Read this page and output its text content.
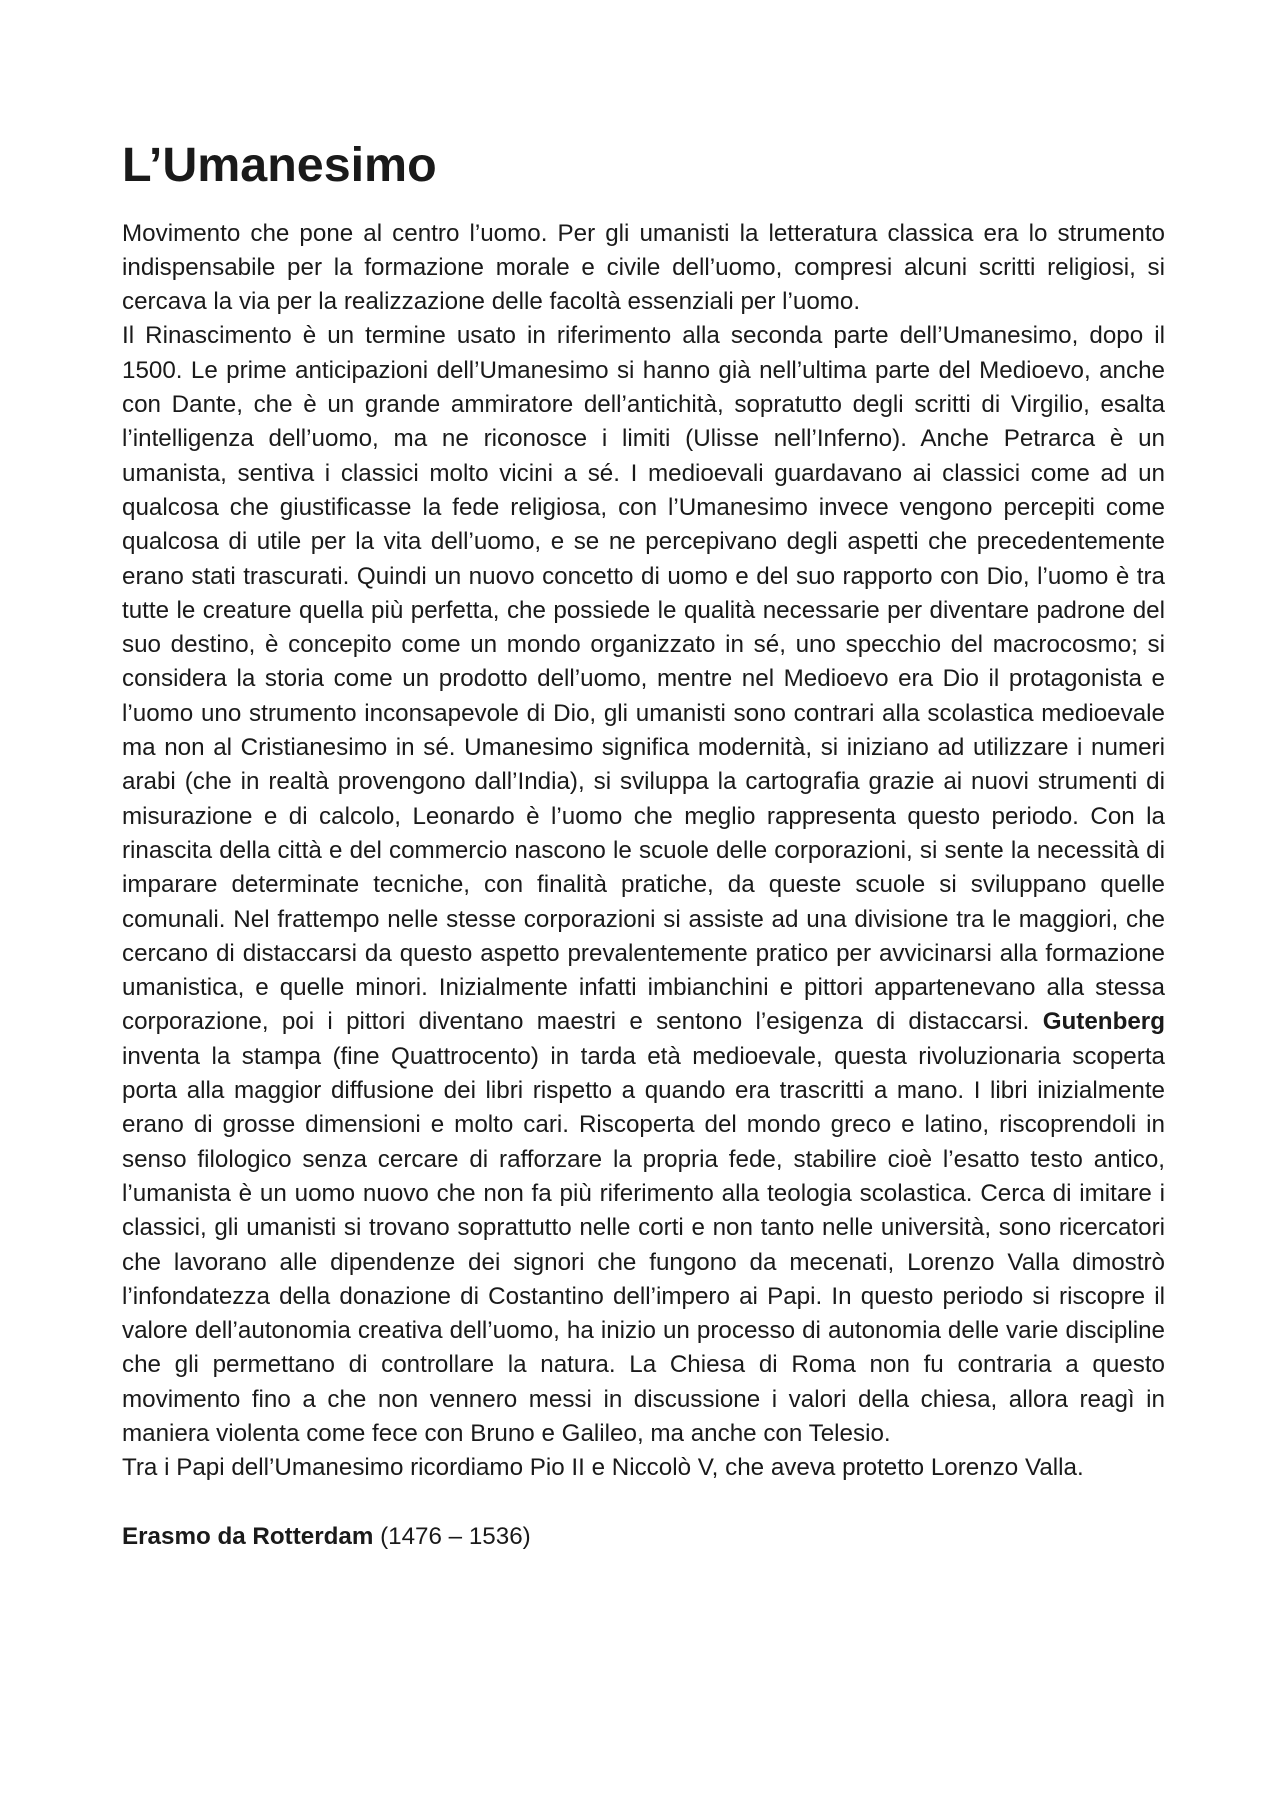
L’Umanesimo

Movimento che pone al centro l’uomo. Per gli umanisti la letteratura classica era lo strumento indispensabile per la formazione morale e civile dell’uomo, compresi alcuni scritti religiosi, si cercava la via per la realizzazione delle facoltà essenziali per l’uomo.

Il Rinascimento è un termine usato in riferimento alla seconda parte dell’Umanesimo, dopo il 1500. Le prime anticipazioni dell’Umanesimo si hanno già nell’ultima parte del Medioevo, anche con Dante, che è un grande ammiratore dell’antichità, sopratutto degli scritti di Virgilio, esalta l’intelligenza dell’uomo, ma ne riconosce i limiti (Ulisse nell’Inferno). Anche Petrarca è un umanista, sentiva i classici molto vicini a sé. I medioevali guardavano ai classici come ad un qualcosa che giustificasse la fede religiosa, con l’Umanesimo invece vengono percepiti come qualcosa di utile per la vita dell’uomo, e se ne percepivano degli aspetti che precedentemente erano stati trascurati. Quindi un nuovo concetto di uomo e del suo rapporto con Dio, l’uomo è tra tutte le creature quella più perfetta, che possiede le qualità necessarie per diventare padrone del suo destino, è concepito come un mondo organizzato in sé, uno specchio del macrocosmo; si considera la storia come un prodotto dell’uomo, mentre nel Medioevo era Dio il protagonista e l’uomo uno strumento inconsapevole di Dio, gli umanisti sono contrari alla scolastica medioevale ma non al Cristianesimo in sé. Umanesimo significa modernità, si iniziano ad utilizzare i numeri arabi (che in realtà provengono dall’India), si sviluppa la cartografia grazie ai nuovi strumenti di misurazione e di calcolo, Leonardo è l’uomo che meglio rappresenta questo periodo. Con la rinascita della città e del commercio nascono le scuole delle corporazioni, si sente la necessità di imparare determinate tecniche, con finalità pratiche, da queste scuole si sviluppano quelle comunali. Nel frattempo nelle stesse corporazioni si assiste ad una divisione tra le maggiori, che cercano di distaccarsi da questo aspetto prevalentemente pratico per avvicinarsi alla formazione umanistica, e quelle minori. Inizialmente infatti imbianchini e pittori appartenevano alla stessa corporazione, poi i pittori diventano maestri e sentono l’esigenza di distaccarsi. Gutenberg inventa la stampa (fine Quattrocento) in tarda età medioevale, questa rivoluzionaria scoperta porta alla maggior diffusione dei libri rispetto a quando era trascritti a mano. I libri inizialmente erano di grosse dimensioni e molto cari. Riscoperta del mondo greco e latino, riscoprendoli in senso filologico senza cercare di rafforzare la propria fede, stabilire cioè l’esatto testo antico, l’umanista è un uomo nuovo che non fa più riferimento alla teologia scolastica. Cerca di imitare i classici, gli umanisti si trovano soprattutto nelle corti e non tanto nelle università, sono ricercatori che lavorano alle dipendenze dei signori che fungono da mecenati, Lorenzo Valla dimostrò l’infondatezza della donazione di Costantino dell’impero ai Papi. In questo periodo si riscopre il valore dell’autonomia creativa dell’uomo, ha inizio un processo di autonomia delle varie discipline che gli permettano di controllare la natura. La Chiesa di Roma non fu contraria a questo movimento fino a che non vennero messi in discussione i valori della chiesa, allora reagì in maniera violenta come fece con Bruno e Galileo, ma anche con Telesio.

Tra i Papi dell’Umanesimo ricordiamo Pio II e Niccolò V, che aveva protetto Lorenzo Valla.

Erasmo da Rotterdam (1476 – 1536)
